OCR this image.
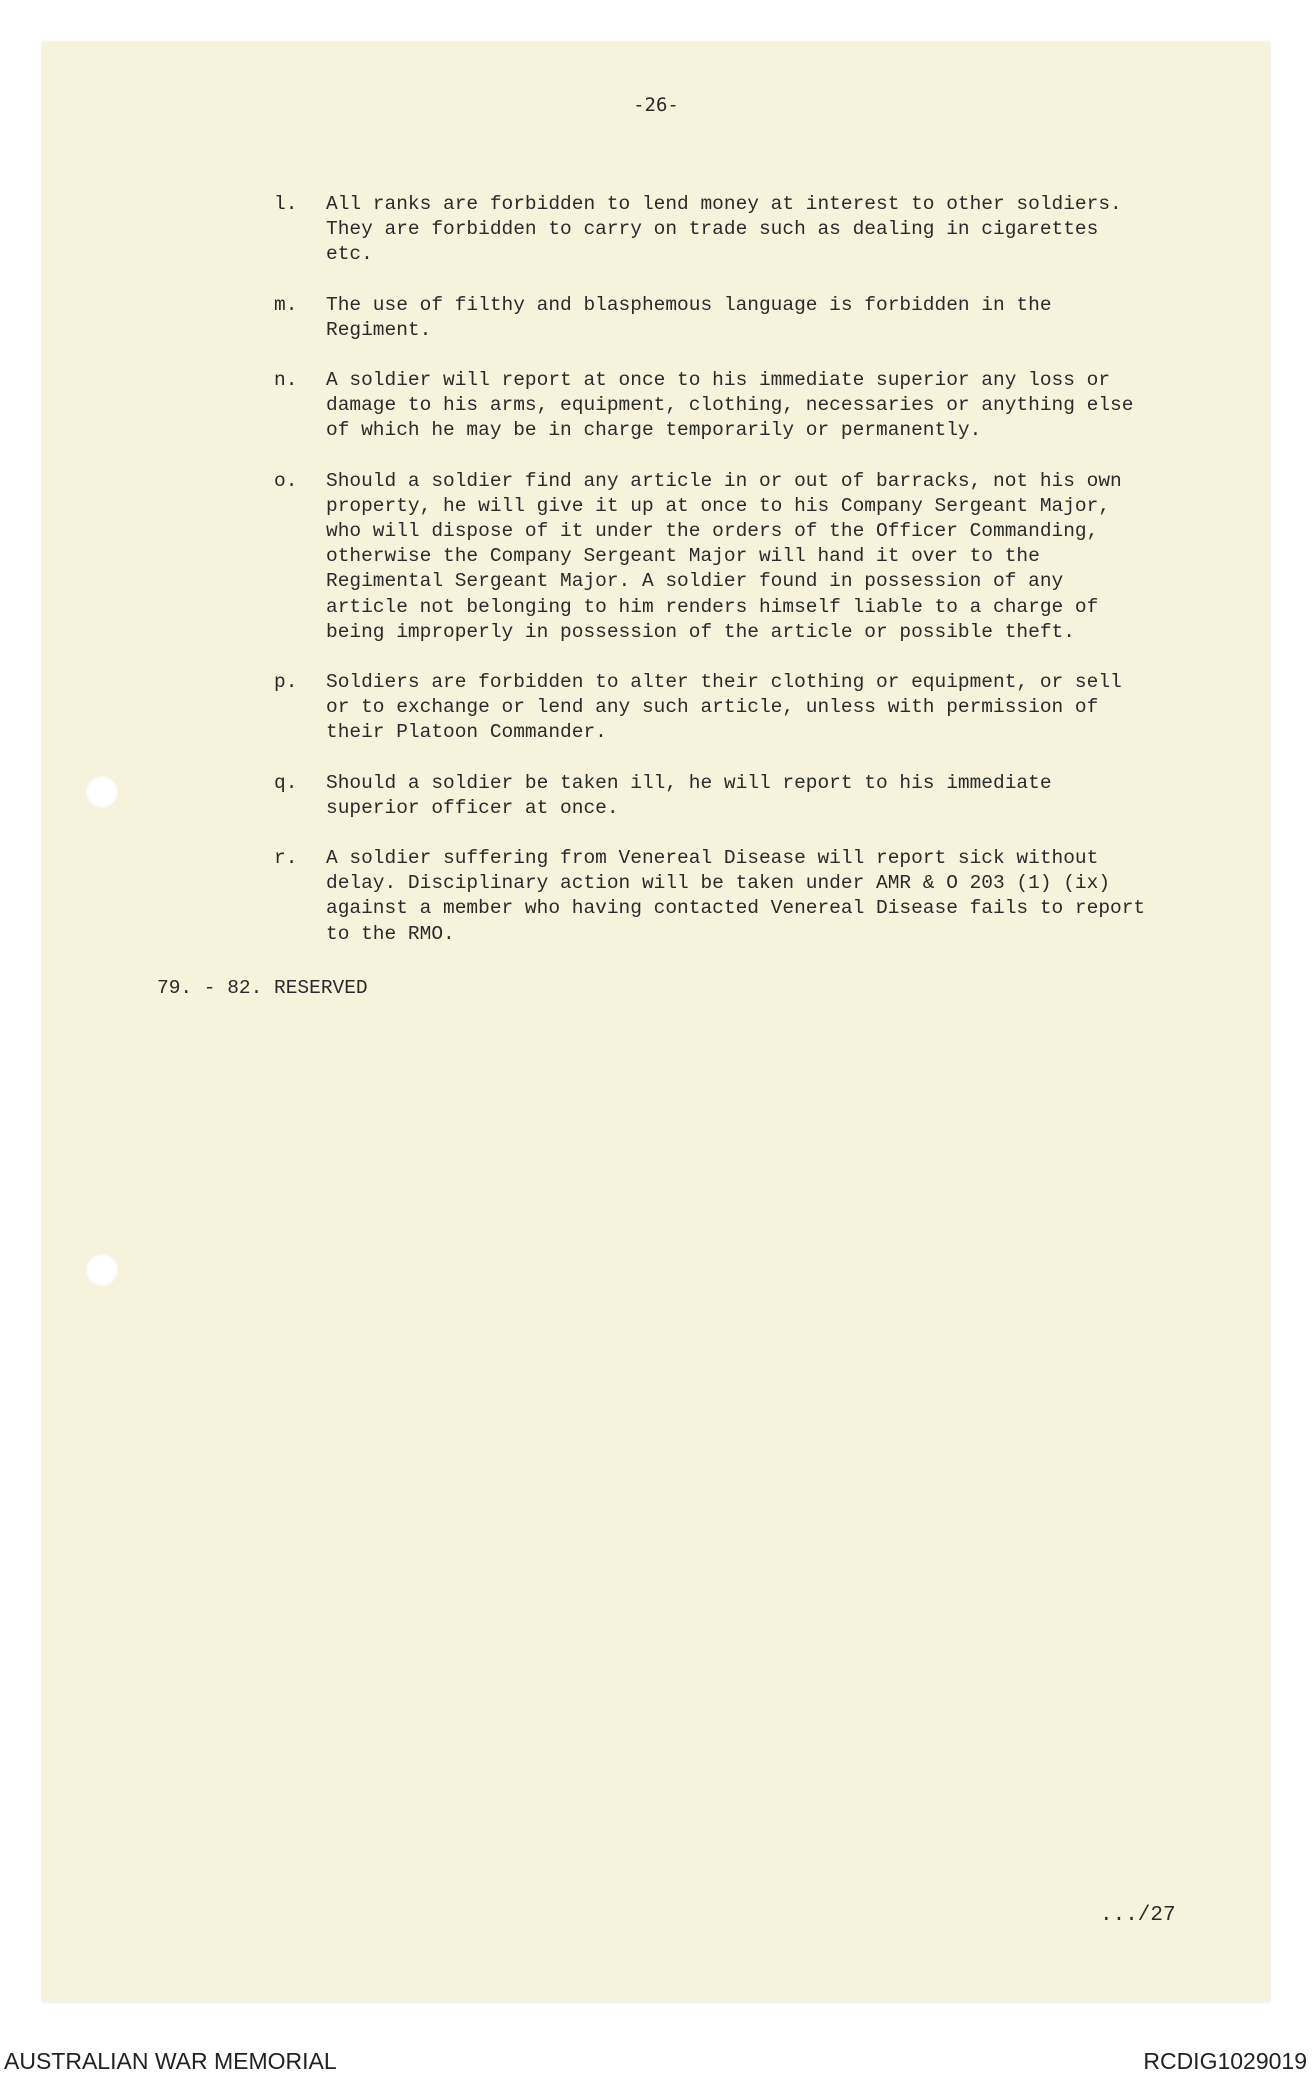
-26-
l.	All ranks are forbidden to lend money at interest to other soldiers.
They are forbidden to carry on trade such as dealing in cigarettes
etc.
m.	The use of filthy and blasphemous language is forbidden in the
Regiment.
n.	A soldier will report at once to his immediate superior any loss or
damage to his arms, equipment, clothing, necessaries or anything else
of which he may be in charge temporarily or permanently.
o.	Should a soldier find any article in or out of barracks, not his own
property, he will give it up at once to his Company Sergeant Major,
who will dispose of it under the orders of the Officer Commanding,
otherwise the Company Sergeant Major will hand it over to the
Regimental Sergeant Major. A soldier found in possession of any
article not belonging to him renders himself liable to a charge of
being improperly in possession of the article or possible theft.
p.	Soldiers are forbidden to alter their clothing or equipment, or sell
or to exchange or lend any such article, unless with permission of
their Platoon Commander.
q.	Should a soldier be taken ill, he will report to his immediate
superior officer at once.
r.	A soldier suffering from Venereal Disease will report sick without
delay. Disciplinary action will be taken under AMR & O 203 (1) (ix)
against a member who having contacted Venereal Disease fails to report
to the RMO.
79. - 82. RESERVED
.../27
AUSTRALIAN WAR MEMORIAL	RCDIG1029019
